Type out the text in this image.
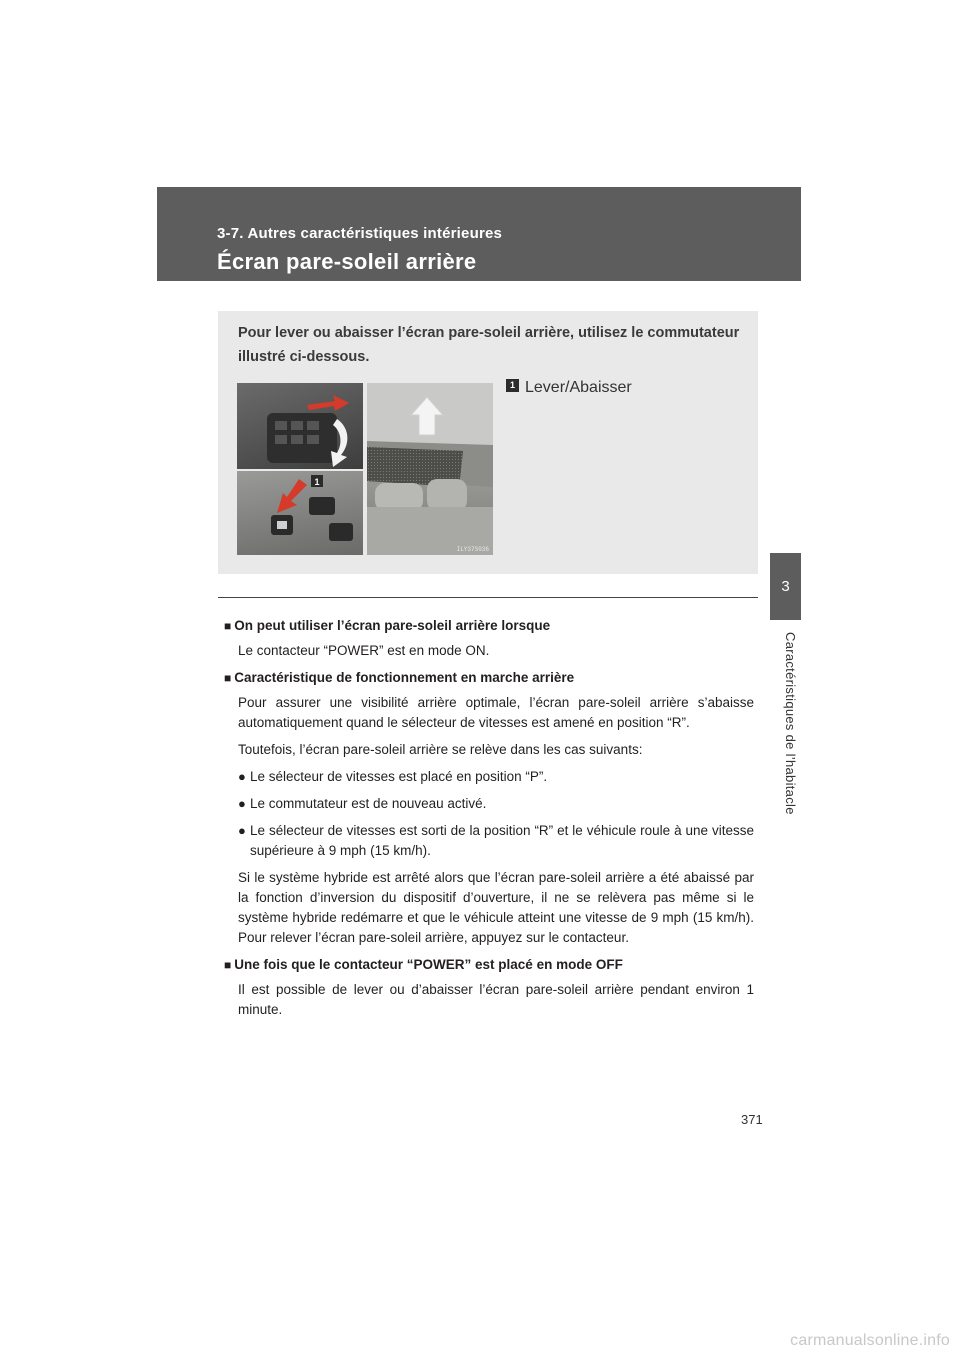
3-7. Autres caractéristiques intérieures
Écran pare-soleil arrière
3
Caractéristiques de l’habitacle
Pour lever ou abaisser l’écran pare-soleil arrière, utilisez le commutateur illustré ci-dessous.
1
ILY37S036
1 Lever/Abaisser

■ On peut utiliser l’écran pare-soleil arrière lorsque

Le contacteur “POWER” est en mode ON.

■ Caractéristique de fonctionnement en marche arrière

Pour assurer une visibilité arrière optimale, l’écran pare-soleil arrière s’abaisse automatiquement quand le sélecteur de vitesses est amené en position “R”.

Toutefois, l’écran pare-soleil arrière se relève dans les cas suivants:

● Le sélecteur de vitesses est placé en position “P”.

● Le commutateur est de nouveau activé.

● Le sélecteur de vitesses est sorti de la position “R” et le véhicule roule à une vitesse supérieure à 9 mph (15 km/h).

Si le système hybride est arrêté alors que l’écran pare-soleil arrière a été abaissé par la fonction d’inversion du dispositif d’ouverture, il ne se relèvera pas même si le système hybride redémarre et que le véhicule atteint une vitesse de 9 mph (15 km/h). Pour relever l’écran pare-soleil arrière, appuyez sur le contacteur.

■ Une fois que le contacteur “POWER” est placé en mode OFF

Il est possible de lever ou d’abaisser l’écran pare-soleil arrière pendant environ 1 minute.

371
carmanualsonline.info
